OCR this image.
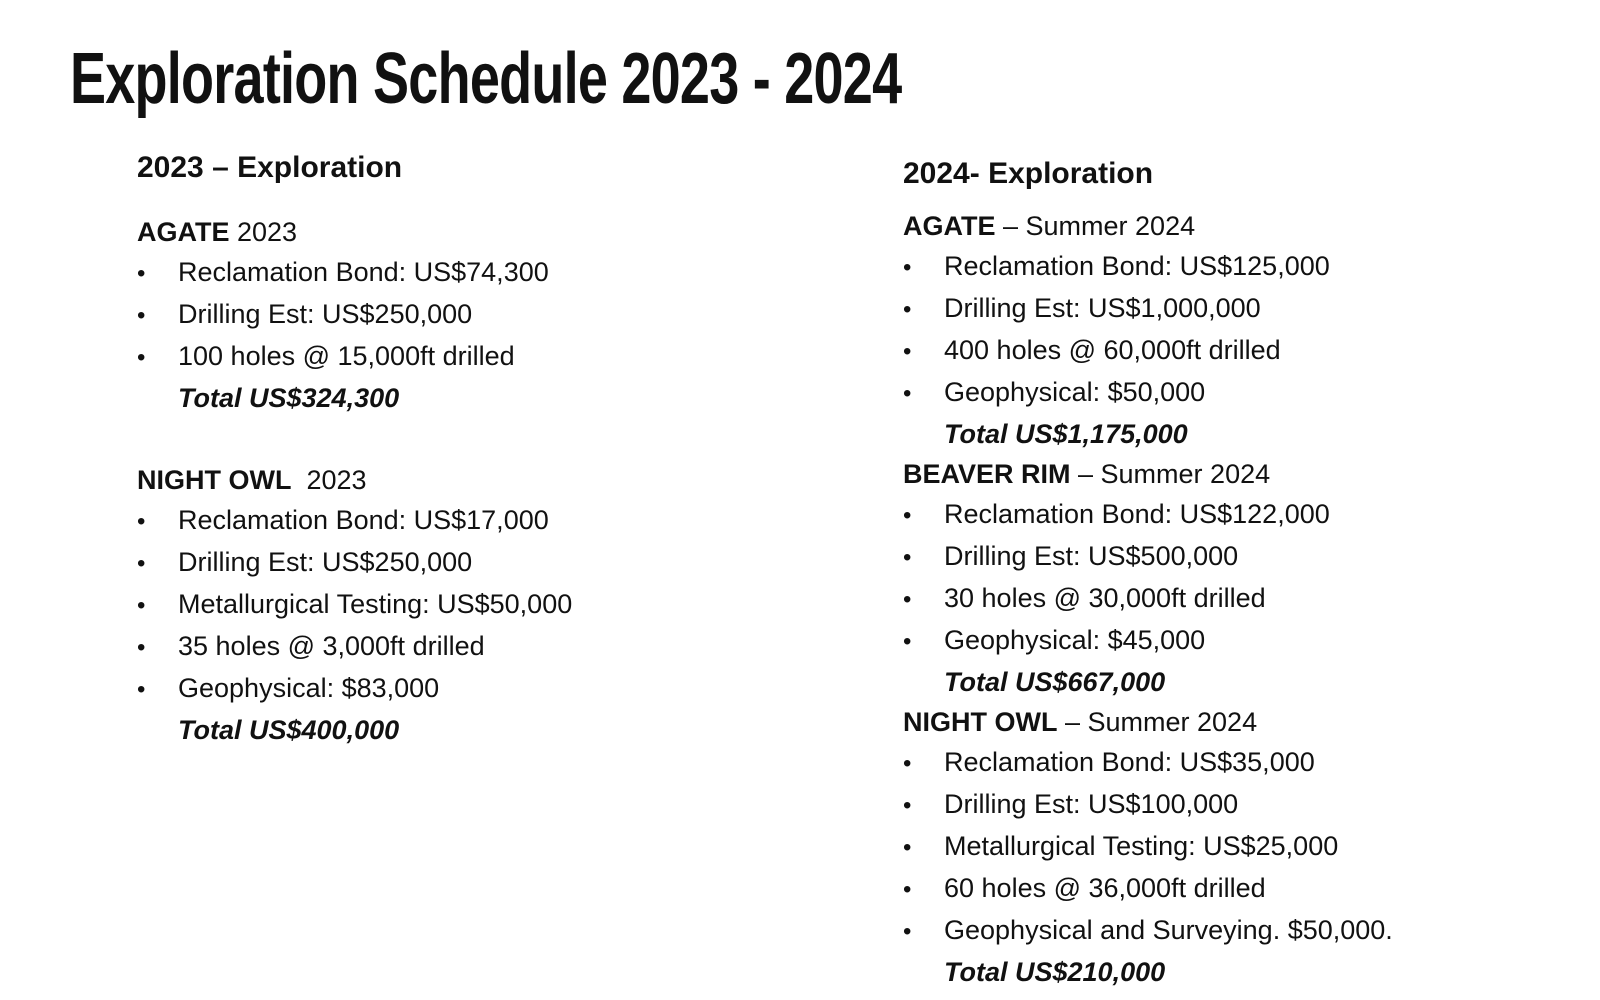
Exploration Schedule 2023 - 2024
2023 – Exploration
AGATE 2023
•	Reclamation Bond: US$74,300
•	Drilling Est: US$250,000
•	100 holes @ 15,000ft drilled
Total US$324,300
NIGHT OWL  2023
•	Reclamation Bond: US$17,000
•	Drilling Est: US$250,000
•	Metallurgical Testing: US$50,000
•	35 holes @ 3,000ft drilled
•	Geophysical: $83,000
Total US$400,000
2024- Exploration
AGATE – Summer 2024
•	Reclamation Bond: US$125,000
•	Drilling Est: US$1,000,000
•	400 holes @ 60,000ft drilled
•	Geophysical: $50,000
Total US$1,175,000
BEAVER RIM – Summer 2024
•	Reclamation Bond: US$122,000
•	Drilling Est: US$500,000
•	30 holes @ 30,000ft drilled
•	Geophysical: $45,000
Total US$667,000
NIGHT OWL – Summer 2024
•	Reclamation Bond: US$35,000
•	Drilling Est: US$100,000
•	Metallurgical Testing: US$25,000
•	60 holes @ 36,000ft drilled
•	Geophysical and Surveying. $50,000.
Total US$210,000
